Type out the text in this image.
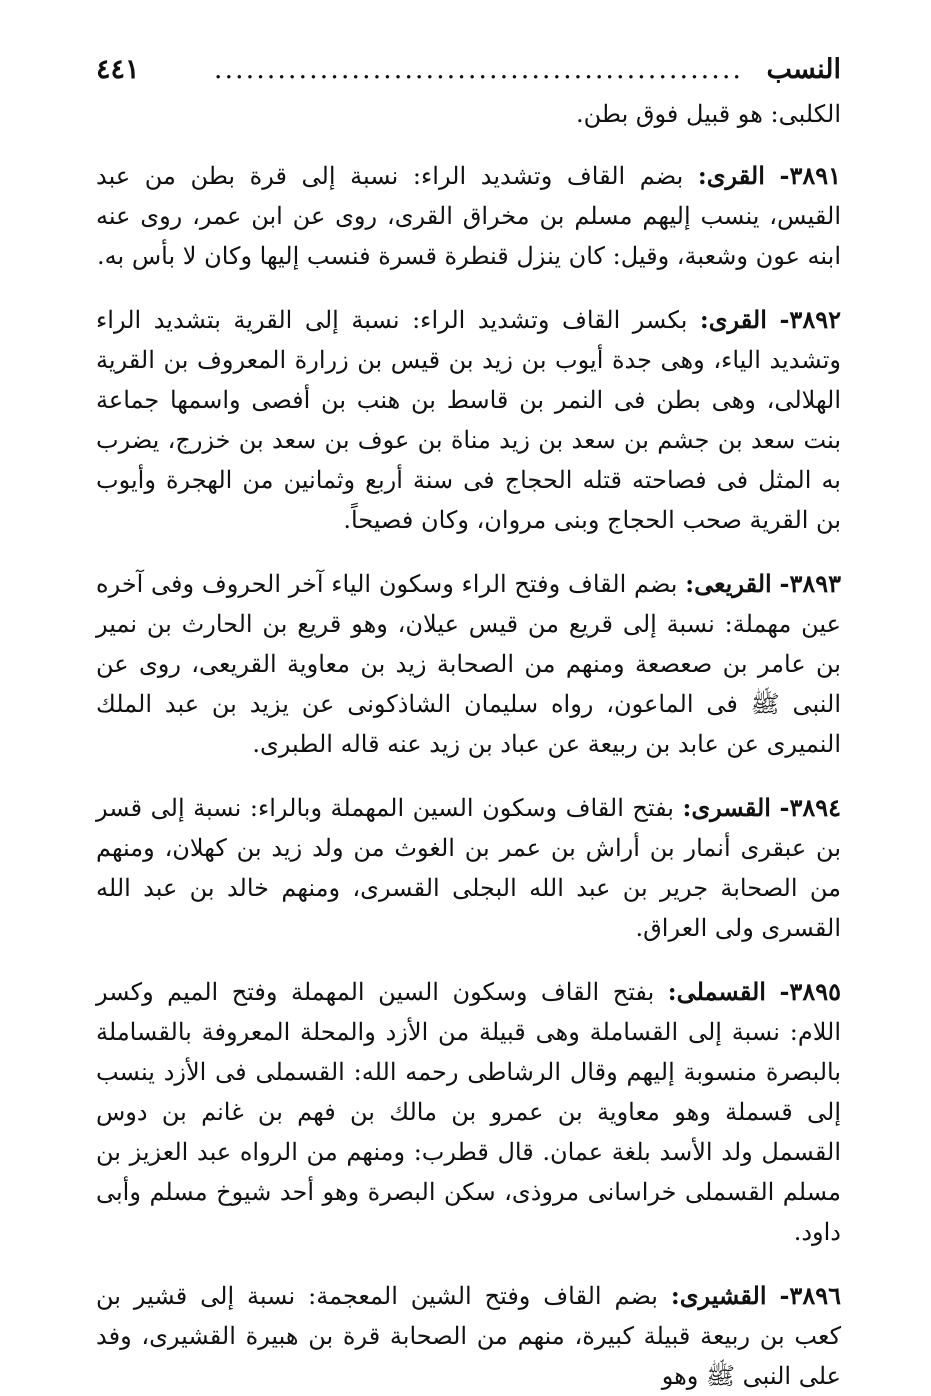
النسب
..................................................
٤٤١

الكلبى: هو قبيل فوق بطن.

٣٨٩١- القرى: بضم القاف وتشديد الراء: نسبة إلى قرة بطن من عبد القيس، ينسب إليهم مسلم بن مخراق القرى، روى عن ابن عمر، روى عنه ابنه عون وشعبة، وقيل: كان ينزل قنطرة قسرة فنسب إليها وكان لا بأس به.

٣٨٩٢- القرى: بكسر القاف وتشديد الراء: نسبة إلى القرية بتشديد الراء وتشديد الياء، وهى جدة أيوب بن زيد بن قيس بن زرارة المعروف بن القرية الهلالى، وهى بطن فى النمر بن قاسط بن هنب بن أفصى واسمها جماعة بنت سعد بن جشم بن سعد بن زيد مناة بن عوف بن سعد بن خزرج، يضرب به المثل فى فصاحته قتله الحجاج فى سنة أربع وثمانين من الهجرة وأيوب بن القرية صحب الحجاج وبنى مروان، وكان فصيحاً.

٣٨٩٣- القريعى: بضم القاف وفتح الراء وسكون الياء آخر الحروف وفى آخره عين مهملة: نسبة إلى قريع من قيس عيلان، وهو قريع بن الحارث بن نمير بن عامر بن صعصعة ومنهم من الصحابة زيد بن معاوية القريعى، روى عن النبى ﷺ فى الماعون، رواه سليمان الشاذكونى عن يزيد بن عبد الملك النميرى عن عابد بن ربيعة عن عباد بن زيد عنه قاله الطبرى.

٣٨٩٤- القسرى: بفتح القاف وسكون السين المهملة وبالراء: نسبة إلى قسر بن عبقرى أنمار بن أراش بن عمر بن الغوث من ولد زيد بن كهلان، ومنهم من الصحابة جرير بن عبد الله البجلى القسرى، ومنهم خالد بن عبد الله القسرى ولى العراق.

٣٨٩٥- القسملى: بفتح القاف وسكون السين المهملة وفتح الميم وكسر اللام: نسبة إلى القساملة وهى قبيلة من الأزد والمحلة المعروفة بالقساملة بالبصرة منسوبة إليهم وقال الرشاطى رحمه الله: القسملى فى الأزد ينسب إلى قسملة وهو معاوية بن عمرو بن مالك بن فهم بن غانم بن دوس القسمل ولد الأسد بلغة عمان. قال قطرب: ومنهم من الرواه عبد العزيز بن مسلم القسملى خراسانى مروذى، سكن البصرة وهو أحد شيوخ مسلم وأبى داود.

٣٨٩٦- القشيرى: بضم القاف وفتح الشين المعجمة: نسبة إلى قشير بن كعب بن ربيعة قبيلة كبيرة، منهم من الصحابة قرة بن هبيرة القشيرى، وفد على النبى ﷺ وهو
